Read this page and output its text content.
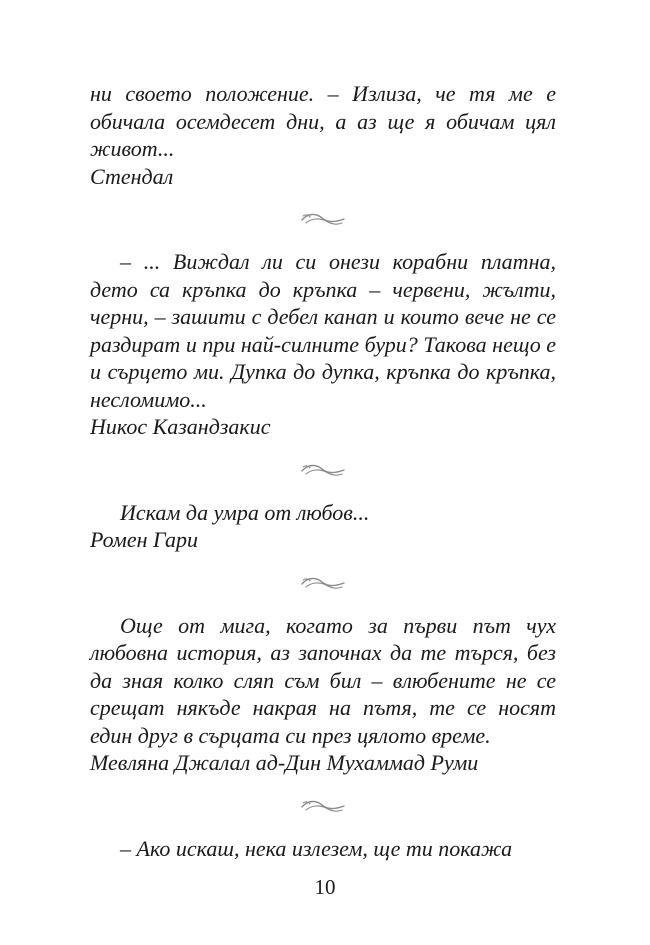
ни своето положение. – Излиза, че тя ме е обичала осемдесет дни, а аз ще я обичам цял живот...

Стендал

– ... Виждал ли си онези корабни платна, дето са кръпка до кръпка – червени, жълти, черни, – зашити с дебел канап и които вече не се раздират и при най-силните бури? Такова нещо е и сърцето ми. Дупка до дупка, кръпка до кръпка, несломимо...

Никос Казандзакис

Искам да умра от любов...

Ромен Гари

Още от мига, когато за първи път чух любовна история, аз започнах да те търся, без да зная колко сляп съм бил – влюбените не се срещат някъде накрая на пътя, те се носят един друг в сърцата си през цялото време.

Мевляна Джалал ад-Дин Мухаммад Руми

– Ако искаш, нека излезем, ще ти покажа

10
